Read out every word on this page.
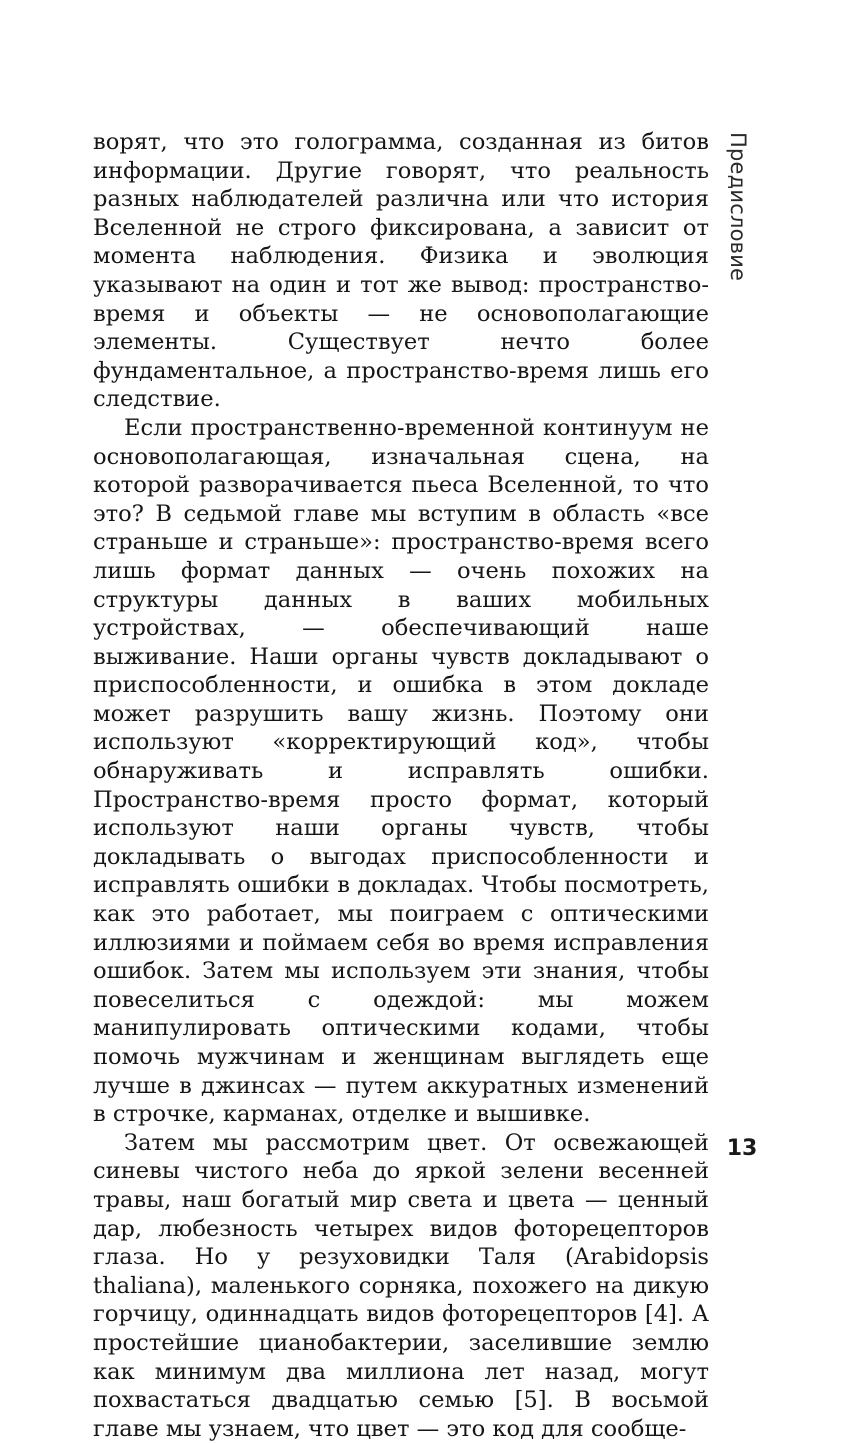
Предисловие

ворят, что это голограмма, созданная из битов информации. Другие говорят, что реальность разных наблюдателей различна или что история Вселенной не строго фиксирована, а зависит от момента наблюдения. Физика и эволюция указывают на один и тот же вывод: пространство-время и объекты — не основополагающие элементы. Существует нечто более фундаментальное, а пространство-время лишь его следствие.

Если пространственно-временной континуум не основополагающая, изначальная сцена, на которой разворачивается пьеса Вселенной, то что это? В седьмой главе мы вступим в область «все страньше и страньше»: пространство-время всего лишь формат данных — очень похожих на структуры данных в ваших мобильных устройствах, — обеспечивающий наше выживание. Наши органы чувств докладывают о приспособленности, и ошибка в этом докладе может разрушить вашу жизнь. Поэтому они используют «корректирующий код», чтобы обнаруживать и исправлять ошибки. Пространство-время просто формат, который используют наши органы чувств, чтобы докладывать о выгодах приспособленности и исправлять ошибки в докладах. Чтобы посмотреть, как это работает, мы поиграем с оптическими иллюзиями и поймаем себя во время исправления ошибок. Затем мы используем эти знания, чтобы повеселиться с одеждой: мы можем манипулировать оптическими кодами, чтобы помочь мужчинам и женщинам выглядеть еще лучше в джинсах — путем аккуратных изменений в строчке, карманах, отделке и вышивке.

Затем мы рассмотрим цвет. От освежающей синевы чистого неба до яркой зелени весенней травы, наш богатый мир света и цвета — ценный дар, любезность четырех видов фоторецепторов глаза. Но у резуховидки Таля (Arabidopsis thaliana), маленького сорняка, похожего на дикую горчицу, одиннадцать видов фоторецепторов [4]. А простейшие цианобактерии, заселившие землю как минимум два миллиона лет назад, могут похвастаться двадцатью семью [5]. В восьмой главе мы узнаем, что цвет — это код для сообще-

13
